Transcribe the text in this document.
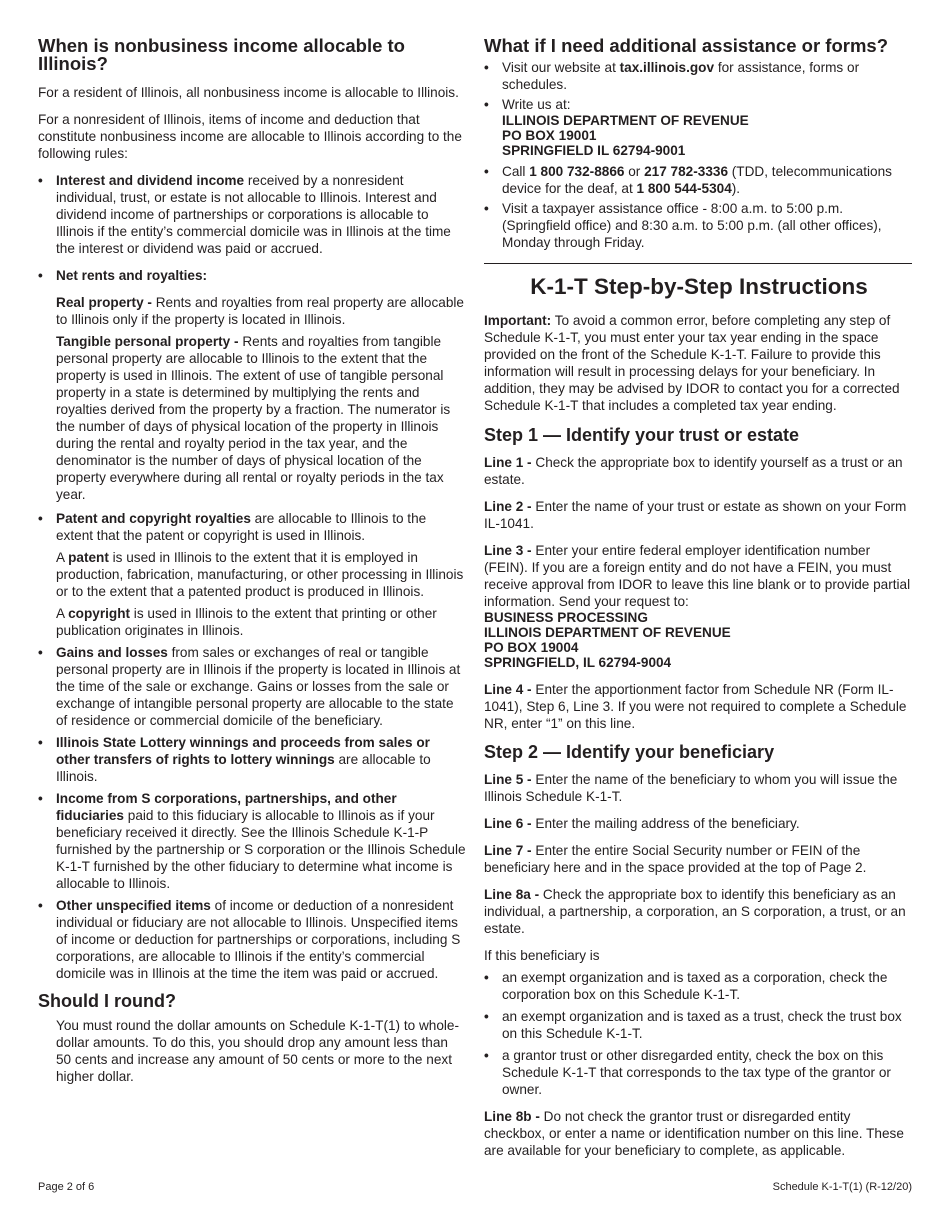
When is nonbusiness income allocable to Illinois?

For a resident of Illinois, all nonbusiness income is allocable to Illinois.

For a nonresident of Illinois, items of income and deduction that constitute nonbusiness income are allocable to Illinois according to the following rules:

• Interest and dividend income received by a nonresident individual, trust, or estate is not allocable to Illinois. Interest and dividend income of partnerships or corporations is allocable to Illinois if the entity’s commercial domicile was in Illinois at the time the interest or dividend was paid or accrued.
• Net rents and royalties:

Real property - Rents and royalties from real property are allocable to Illinois only if the property is located in Illinois.

Tangible personal property - Rents and royalties from tangible personal property are allocable to Illinois to the extent that the property is used in Illinois. The extent of use of tangible personal property in a state is determined by multiplying the rents and royalties derived from the property by a fraction. The numerator is the number of days of physical location of the property in Illinois during the rental and royalty period in the tax year, and the denominator is the number of days of physical location of the property everywhere during all rental or royalty periods in the tax year.

• Patent and copyright royalties are allocable to Illinois to the extent that the patent or copyright is used in Illinois.

A patent is used in Illinois to the extent that it is employed in production, fabrication, manufacturing, or other processing in Illinois or to the extent that a patented product is produced in Illinois.

A copyright is used in Illinois to the extent that printing or other publication originates in Illinois.

• Gains and losses from sales or exchanges of real or tangible personal property are in Illinois if the property is located in Illinois at the time of the sale or exchange. Gains or losses from the sale or exchange of intangible personal property are allocable to the state of residence or commercial domicile of the beneficiary.
• Illinois State Lottery winnings and proceeds from sales or other transfers of rights to lottery winnings are allocable to Illinois.
• Income from S corporations, partnerships, and other fiduciaries paid to this fiduciary is allocable to Illinois as if your beneficiary received it directly. See the Illinois Schedule K-1-P furnished by the partnership or S corporation or the Illinois Schedule K-1-T furnished by the other fiduciary to determine what income is allocable to Illinois.
• Other unspecified items of income or deduction of a nonresident individual or fiduciary are not allocable to Illinois. Unspecified items of income or deduction for partnerships or corporations, including S corporations, are allocable to Illinois if the entity’s commercial domicile was in Illinois at the time the item was paid or accrued.
Should I round?

You must round the dollar amounts on Schedule K-1-T(1) to whole-dollar amounts. To do this, you should drop any amount less than 50 cents and increase any amount of 50 cents or more to the next higher dollar.

What if I need additional assistance or forms?
• Visit our website at tax.illinois.gov for assistance, forms or schedules.
• Write us at:
ILLINOIS DEPARTMENT OF REVENUE
PO BOX 19001
SPRINGFIELD IL 62794-9001
• Call 1 800 732-8866 or 217 782-3336 (TDD, telecommunications device for the deaf, at 1 800 544-5304).
• Visit a taxpayer assistance office - 8:00 a.m. to 5:00 p.m. (Springfield office) and 8:30 a.m. to 5:00 p.m. (all other offices), Monday through Friday.
K-1-T Step-by-Step Instructions

Important: To avoid a common error, before completing any step of Schedule K-1-T, you must enter your tax year ending in the space provided on the front of the Schedule K-1-T. Failure to provide this information will result in processing delays for your beneficiary. In addition, they may be advised by IDOR to contact you for a corrected Schedule K-1-T that includes a completed tax year ending.

Step 1 — Identify your trust or estate

Line 1 - Check the appropriate box to identify yourself as a trust or an estate.

Line 2 - Enter the name of your trust or estate as shown on your Form IL-1041.

Line 3 - Enter your entire federal employer identification number (FEIN). If you are a foreign entity and do not have a FEIN, you must receive approval from IDOR to leave this line blank or to provide partial information. Send your request to:

BUSINESS PROCESSING
ILLINOIS DEPARTMENT OF REVENUE
PO BOX 19004
SPRINGFIELD, IL 62794-9004

Line 4 - Enter the apportionment factor from Schedule NR (Form IL-1041), Step 6, Line 3. If you were not required to complete a Schedule NR, enter “1” on this line.

Step 2 — Identify your beneficiary

Line 5 - Enter the name of the beneficiary to whom you will issue the Illinois Schedule K-1-T.

Line 6 - Enter the mailing address of the beneficiary.

Line 7 - Enter the entire Social Security number or FEIN of the beneficiary here and in the space provided at the top of Page 2.

Line 8a - Check the appropriate box to identify this beneficiary as an individual, a partnership, a corporation, an S corporation, a trust, or an estate.

If this beneficiary is

• an exempt organization and is taxed as a corporation, check the corporation box on this Schedule K-1-T.
• an exempt organization and is taxed as a trust, check the trust box on this Schedule K-1-T.
• a grantor trust or other disregarded entity, check the box on this Schedule K-1-T that corresponds to the tax type of the grantor or owner.

Line 8b - Do not check the grantor trust or disregarded entity checkbox, or enter a name or identification number on this line. These are available for your beneficiary to complete, as applicable.

Page 2 of 6	Schedule K-1-T(1) (R-12/20)
